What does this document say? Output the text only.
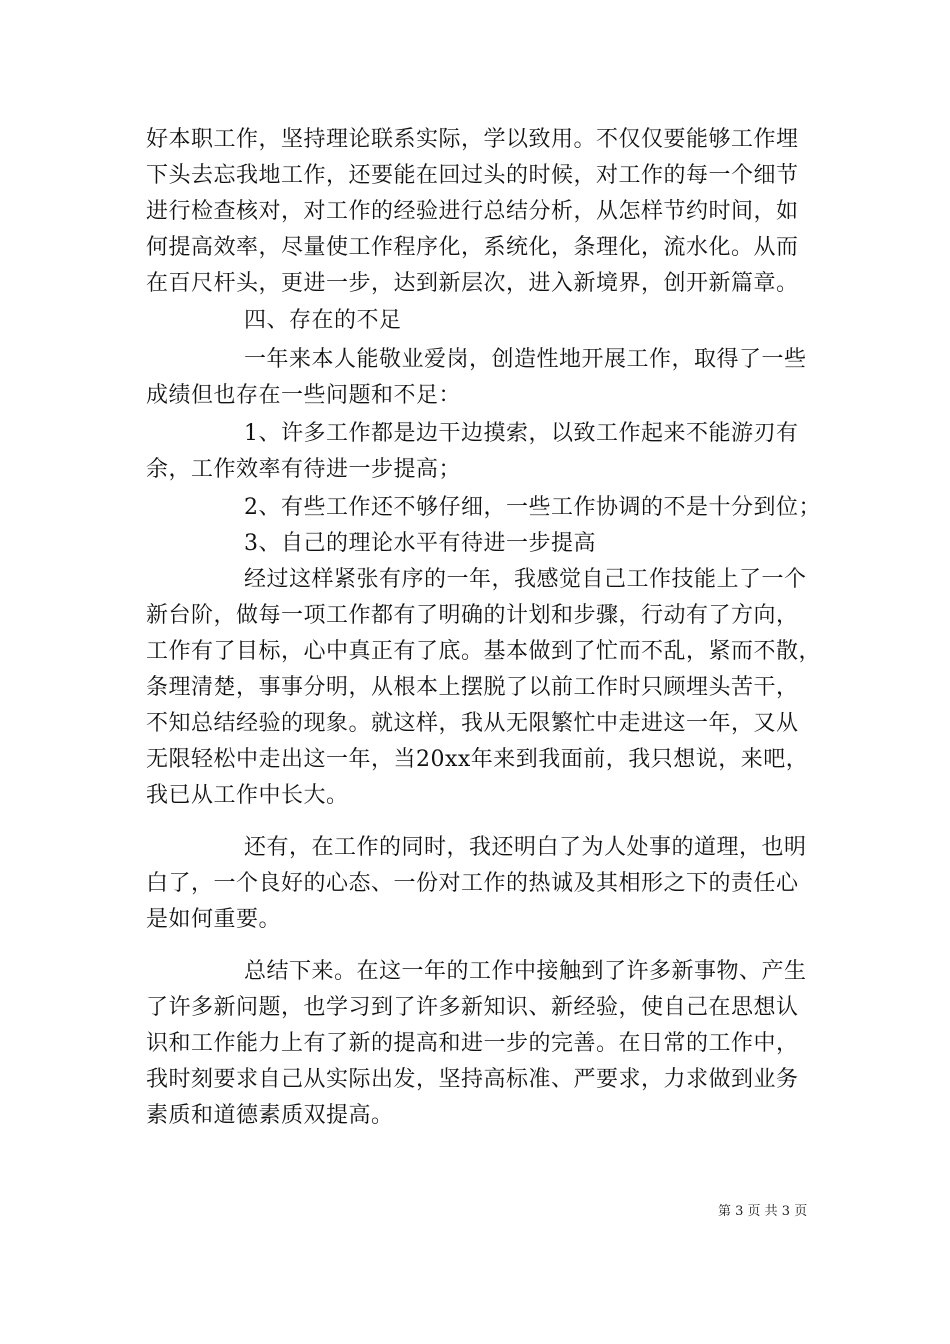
好本职工作，坚持理论联系实际，学以致用。不仅仅要能够工作埋
下头去忘我地工作，还要能在回过头的时候，对工作的每一个细节
进行检查核对，对工作的经验进行总结分析，从怎样节约时间，如
何提高效率，尽量使工作程序化，系统化，条理化，流水化。从而
在百尺杆头，更进一步，达到新层次，进入新境界，创开新篇章。
四、存在的不足
一年来本人能敬业爱岗，创造性地开展工作，取得了一些
成绩但也存在一些问题和不足：
1、许多工作都是边干边摸索，以致工作起来不能游刃有
余，工作效率有待进一步提高；
2、有些工作还不够仔细，一些工作协调的不是十分到位；
3、自己的理论水平有待进一步提高
经过这样紧张有序的一年，我感觉自己工作技能上了一个
新台阶，做每一项工作都有了明确的计划和步骤，行动有了方向，
工作有了目标，心中真正有了底。基本做到了忙而不乱，紧而不散，
条理清楚，事事分明，从根本上摆脱了以前工作时只顾埋头苦干，
不知总结经验的现象。就这样，我从无限繁忙中走进这一年，又从
无限轻松中走出这一年，当20xx年来到我面前，我只想说，来吧，
我已从工作中长大。
还有，在工作的同时，我还明白了为人处事的道理，也明
白了，一个良好的心态、一份对工作的热诚及其相形之下的责任心
是如何重要。
总结下来。在这一年的工作中接触到了许多新事物、产生
了许多新问题，也学习到了许多新知识、新经验，使自己在思想认
识和工作能力上有了新的提高和进一步的完善。在日常的工作中，
我时刻要求自己从实际出发，坚持高标准、严要求，力求做到业务
素质和道德素质双提高。
第 3 页 共 3 页
